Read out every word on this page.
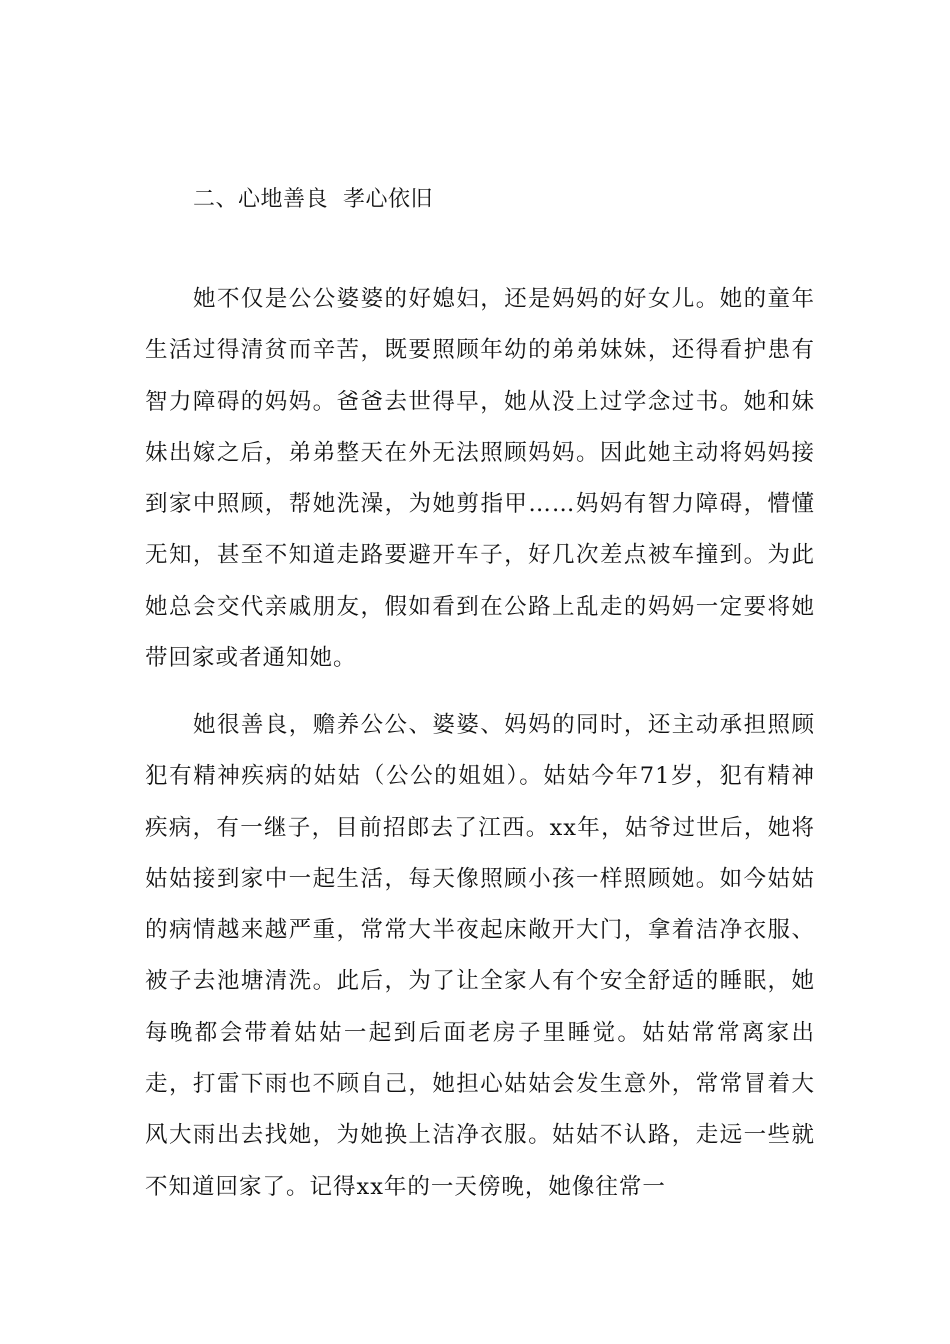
二、心地善良  孝心依旧

她不仅是公公婆婆的好媳妇，还是妈妈的好女儿。她的童年生活过得清贫而辛苦，既要照顾年幼的弟弟妹妹，还得看护患有智力障碍的妈妈。爸爸去世得早，她从没上过学念过书。她和妹妹出嫁之后，弟弟整天在外无法照顾妈妈。因此她主动将妈妈接到家中照顾，帮她洗澡，为她剪指甲……妈妈有智力障碍，懵懂无知，甚至不知道走路要避开车子，好几次差点被车撞到。为此她总会交代亲戚朋友，假如看到在公路上乱走的妈妈一定要将她带回家或者通知她。

她很善良，赡养公公、婆婆、妈妈的同时，还主动承担照顾犯有精神疾病的姑姑（公公的姐姐）。姑姑今年71岁，犯有精神疾病，有一继子，目前招郎去了江西。xx年，姑爷过世后，她将姑姑接到家中一起生活，每天像照顾小孩一样照顾她。如今姑姑的病情越来越严重，常常大半夜起床敞开大门，拿着洁净衣服、被子去池塘清洗。此后，为了让全家人有个安全舒适的睡眠，她每晚都会带着姑姑一起到后面老房子里睡觉。姑姑常常离家出走，打雷下雨也不顾自己，她担心姑姑会发生意外，常常冒着大风大雨出去找她，为她换上洁净衣服。姑姑不认路，走远一些就不知道回家了。记得xx年的一天傍晚，她像往常一
